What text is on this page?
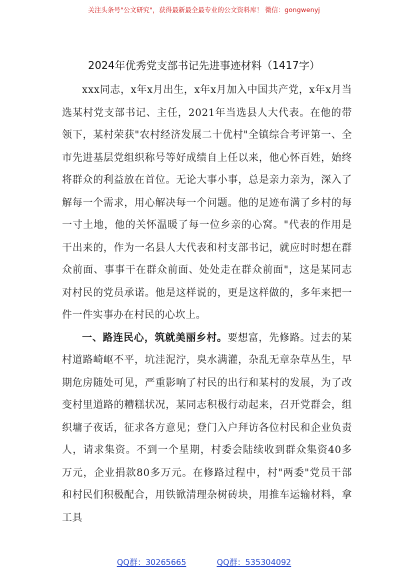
关注头条号"公文研究"，获得最新最全最专业的公文资料库！ 微信：gongwenyj
2024年优秀党支部书记先进事迹材料（1417字）

xxx同志，x年x月出生，x年x月加入中国共产党，x年x月当选某村党支部书记、主任，2021年当选县人大代表。在他的带领下，某村荣获"农村经济发展二十优村"全镇综合考评第一、全市先进基层党组织称号等好成绩自上任以来，他心怀百姓，始终将群众的利益放在首位。无论大事小事，总是亲力亲为，深入了解每一个需求，用心解决每一个问题。他的足迹布满了乡村的每一寸土地，他的关怀温暖了每一位乡亲的心窝。"代表的作用是干出来的，作为一名县人大代表和村支部书记，就应时时想在群众前面、事事干在群众前面、处处走在群众前面"，这是某同志对村民的党员承诺。他是这样说的，更是这样做的，多年来把一件一件实事办在村民的心坎上。

一、路连民心，筑就美丽乡村。要想富，先修路。过去的某村道路崎岖不平，坑洼泥泞，臭水满灌，杂乱无章杂草丛生，早期危房随处可见，严重影响了村民的出行和某村的发展，为了改变村里道路的糟糕状况，某同志积极行动起来，召开党群会，组织墉子夜话，征求各方意见；登门入户拜访各位村民和企业负责人，请求集资。不到一个星期，村委会陆续收到群众集资40多万元，企业捐款80多万元。在修路过程中，村"两委"党员干部和村民们积极配合，用铁锨清理杂树砖块，用推车运输材料，拿工具

QQ群：30265665	QQ群：535304092
